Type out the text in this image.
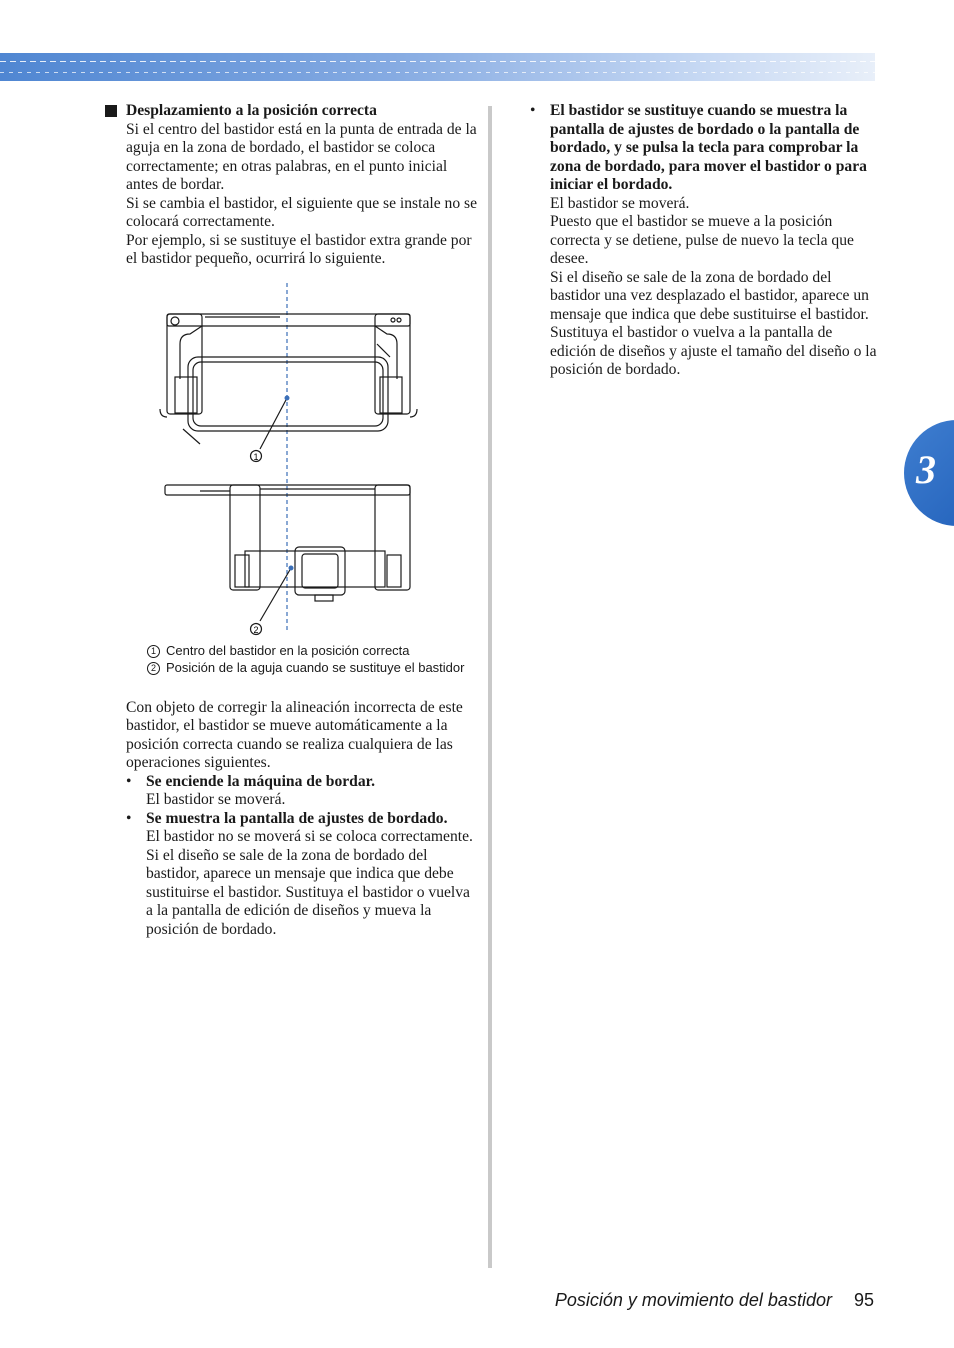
3

Desplazamiento a la posición correcta

Si el centro del bastidor está en la punta de entrada de la aguja en la zona de bordado, el bastidor se coloca correctamente; en otras palabras, en el punto inicial antes de bordar.

Si se cambia el bastidor, el siguiente que se instale no se colocará correctamente.

Por ejemplo, si se sustituye el bastidor extra grande por el bastidor pequeño, ocurrirá lo siguiente.

1
2
1 Centro del bastidor en la posición correcta
2 Posición de la aguja cuando se sustituye el bastidor

Con objeto de corregir la alineación incorrecta de este bastidor, el bastidor se mueve automáticamente a la posición correcta cuando se realiza cualquiera de las operaciones siguientes.

• Se enciende la máquina de bordar.

El bastidor se moverá.

• Se muestra la pantalla de ajustes de bordado.

El bastidor no se moverá si se coloca correctamente.

Si el diseño se sale de la zona de bordado del bastidor, aparece un mensaje que indica que debe sustituirse el bastidor. Sustituya el bastidor o vuelva a la pantalla de edición de diseños y mueva la posición de bordado.

• El bastidor se sustituye cuando se muestra la pantalla de ajustes de bordado o la pantalla de bordado, y se pulsa la tecla para comprobar la zona de bordado, para mover el bastidor o para iniciar el bordado.

El bastidor se moverá.

Puesto que el bastidor se mueve a la posición correcta y se detiene, pulse de nuevo la tecla que desee.

Si el diseño se sale de la zona de bordado del bastidor una vez desplazado el bastidor, aparece un mensaje que indica que debe sustituirse el bastidor. Sustituya el bastidor o vuelva a la pantalla de edición de diseños y ajuste el tamaño del diseño o la posición de bordado.

Posición y movimiento del bastidor 95
